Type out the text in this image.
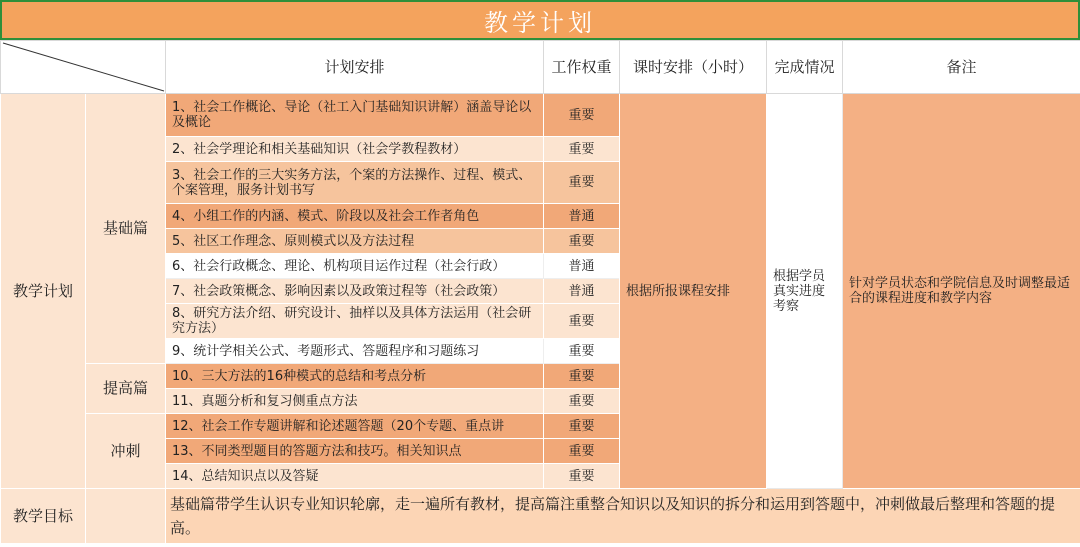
教学计划
	计划安排	工作权重	课时安排（小时）	完成情况	备注
教学计划	基础篇	1、社会工作概论、导论（社工入门基础知识讲解）涵盖导论以及概论	重要	根据所报课程安排	根据学员真实进度考察	针对学员状态和学院信息及时调整最适合的课程进度和教学内容
		2、社会学理论和相关基础知识（社会学教程教材）	重要			
		3、社会工作的三大实务方法，个案的方法操作、过程、模式、个案管理，服务计划书写	重要			
		4、小组工作的内涵、模式、阶段以及社会工作者角色	普通			
		5、社区工作理念、原则模式以及方法过程	重要			
		6、社会行政概念、理论、机构项目运作过程（社会行政）	普通			
		7、社会政策概念、影响因素以及政策过程等（社会政策）	普通			
		8、研究方法介绍、研究设计、抽样以及具体方法运用（社会研究方法）	重要			
		9、统计学相关公式、考题形式、答题程序和习题练习	重要			
	提高篇	10、三大方法的16种模式的总结和考点分析	重要			
		11、真题分析和复习侧重点方法	重要			
	冲刺	12、社会工作专题讲解和论述题答题（20个专题、重点讲	重要			
		13、不同类型题目的答题方法和技巧。相关知识点	重要			
		14、总结知识点以及答疑	重要			
教学目标		基础篇带学生认识专业知识轮廓，走一遍所有教材，提高篇注重整合知识以及知识的拆分和运用到答题中，冲刺做最后整理和答题的提高。				
